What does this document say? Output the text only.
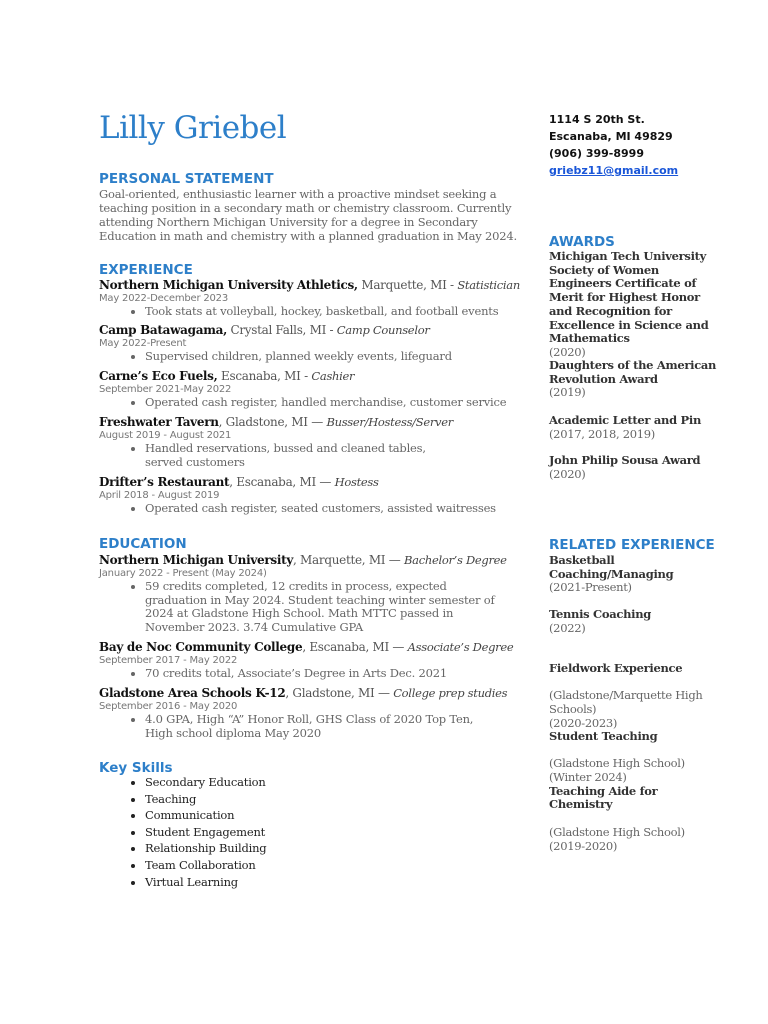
Lilly Griebel	1114 S 20th St.
Escanaba, MI 49829
(906) 399-8999
griebz11@gmail.com
PERSONAL STATEMENT
Goal-oriented, enthusiastic learner with a proactive mindset seeking a teaching position in a secondary math or chemistry classroom. Currently attending Northern Michigan University for a degree in Secondary Education in math and chemistry with a planned graduation in May 2024.
EXPERIENCE
Northern Michigan University Athletics, Marquette, MI - Statistician
May 2022-December 2023
• Took stats at volleyball, hockey, basketball, and football events
Camp Batawagama, Crystal Falls, MI - Camp Counselor
May 2022-Present
• Supervised children, planned weekly events, lifeguard
Carne’s Eco Fuels, Escanaba, MI - Cashier
September 2021-May 2022
• Operated cash register, handled merchandise, customer service
Freshwater Tavern, Gladstone, MI — Busser/Hostess/Server
August 2019 - August 2021
• Handled reservations, bussed and cleaned tables, served customers
Drifter’s Restaurant, Escanaba, MI — Hostess
April 2018 - August 2019
• Operated cash register, seated customers, assisted waitresses
EDUCATION
Northern Michigan University, Marquette, MI — Bachelor’s Degree
January 2022 - Present (May 2024)
• 59 credits completed, 12 credits in process, expected graduation in May 2024. Student teaching winter semester of 2024 at Gladstone High School. Math MTTC passed in November 2023. 3.74 Cumulative GPA
Bay de Noc Community College, Escanaba, MI — Associate’s Degree
September 2017 - May 2022
• 70 credits total, Associate’s Degree in Arts Dec. 2021
Gladstone Area Schools K-12, Gladstone, MI — College prep studies
September 2016 - May 2020
• 4.0 GPA, High “A” Honor Roll, GHS Class of 2020 Top Ten, High school diploma May 2020
Key Skills
• Secondary Education
• Teaching
• Communication
• Student Engagement
• Relationship Building
• Team Collaboration
• Virtual Learning
AWARDS
Michigan Tech University Society of Women Engineers Certificate of Merit for Highest Honor and Recognition for Excellence in Science and Mathematics
(2020)
Daughters of the American Revolution Award
(2019)
Academic Letter and Pin
(2017, 2018, 2019)
John Philip Sousa Award
(2020)
RELATED EXPERIENCE
Basketball Coaching/Managing
(2021-Present)
Tennis Coaching
(2022)

Fieldwork Experience

(Gladstone/Marquette High Schools)
(2020-2023)

Student Teaching

(Gladstone High School)
(Winter 2024)

Teaching Aide for Chemistry

(Gladstone High School)
(2019-2020)
